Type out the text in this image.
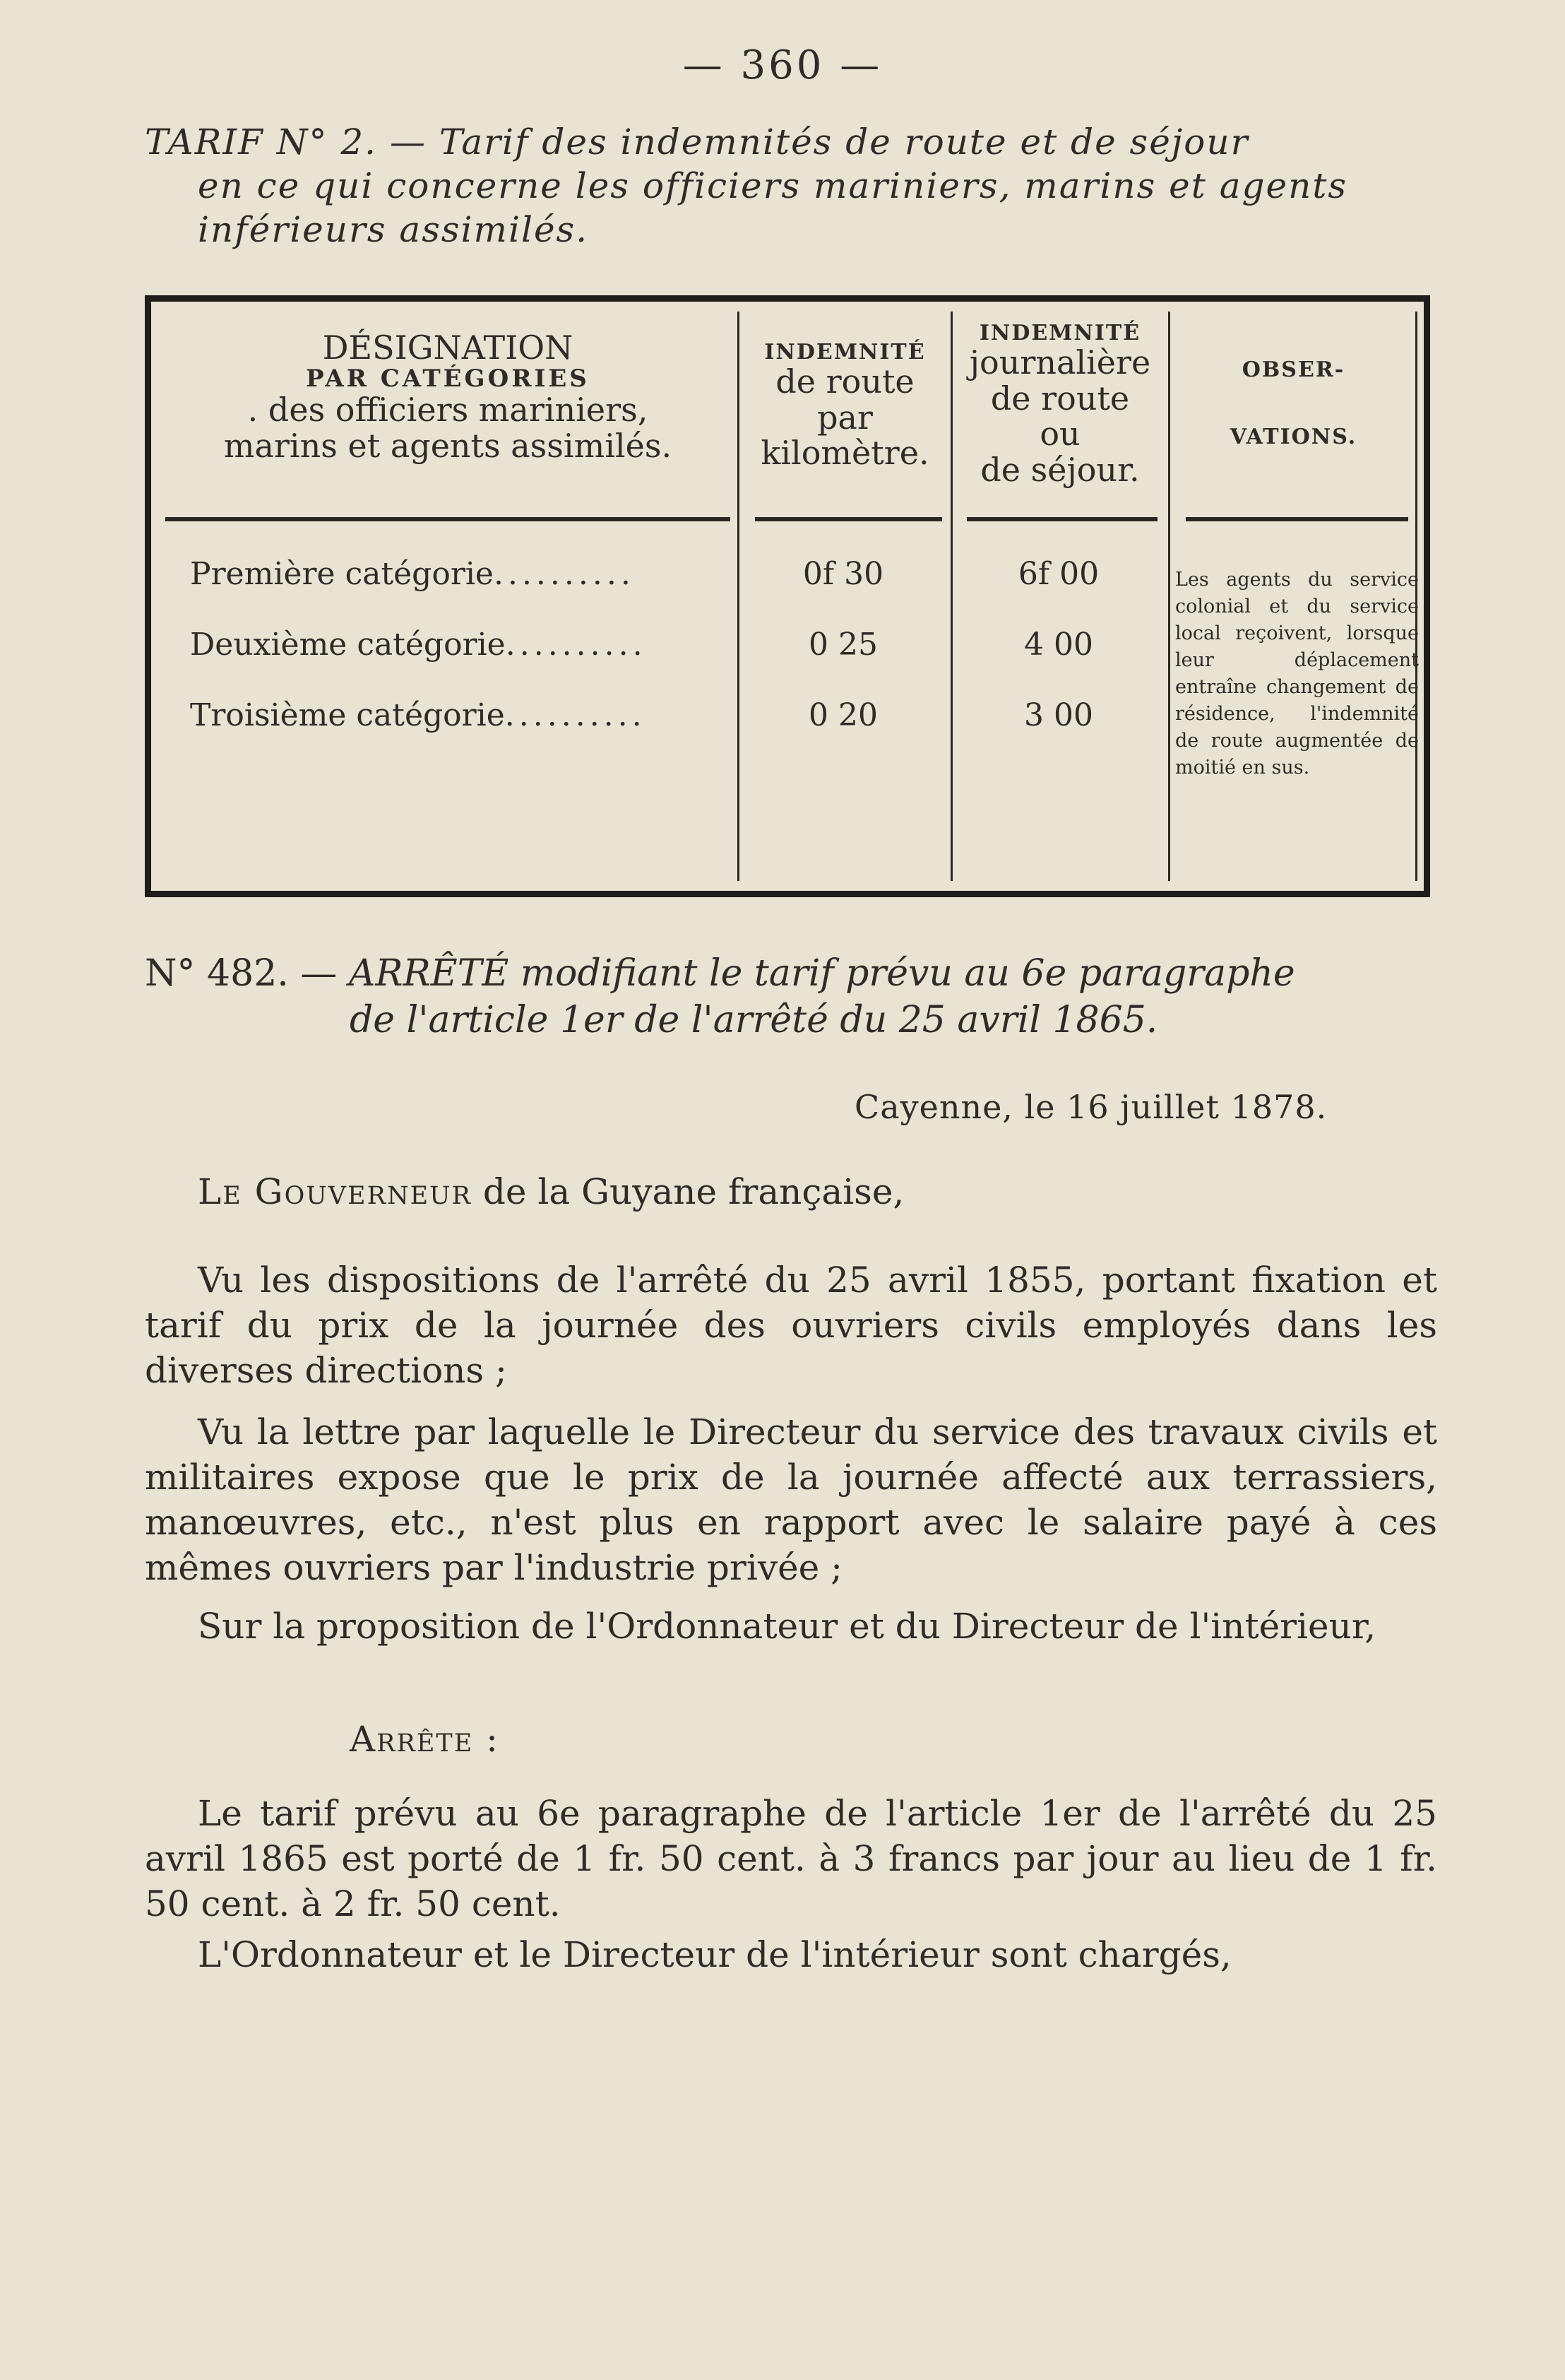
— 360 —
TARIF N° 2. — Tarif des indemnités de route et de séjour
en ce qui concerne les officiers mariniers, marins et agents
inférieurs assimilés.
DÉSIGNATION
PAR CATÉGORIES
. des officiers mariniers,
marins et agents assimilés.
INDEMNITÉ
de route
par
kilomètre.
INDEMNITÉ
journalière
de route
ou
de séjour.
OBSER-
VATIONS.
Première catégorie..........	0f 30	6f 00
Deuxième catégorie..........	0 25	4 00
Troisième catégorie..........	0 20	3 00
Les agents du service colonial et du service local reçoivent, lorsque leur déplacement entraîne changement de résidence, l'indemnité de route augmentée de moitié en sus.
N° 482. — ARRÊTÉ modifiant le tarif prévu au 6e paragraphe
de l'article 1er de l'arrêté du 25 avril 1865.
Cayenne, le 16 juillet 1878.

Le Gouverneur de la Guyane française,

Vu les dispositions de l'arrêté du 25 avril 1855, portant fixation et tarif du prix de la journée des ouvriers civils employés dans les diverses directions ;

Vu la lettre par laquelle le Directeur du service des travaux civils et militaires expose que le prix de la journée affecté aux terrassiers, manœuvres, etc., n'est plus en rapport avec le salaire payé à ces mêmes ouvriers par l'industrie privée ;

Sur la proposition de l'Ordonnateur et du Directeur de l'intérieur,

Arrête :

Le tarif prévu au 6e paragraphe de l'article 1er de l'arrêté du 25 avril 1865 est porté de 1 fr. 50 cent. à 3 francs par jour au lieu de 1 fr. 50 cent. à 2 fr. 50 cent.

L'Ordonnateur et le Directeur de l'intérieur sont chargés,
